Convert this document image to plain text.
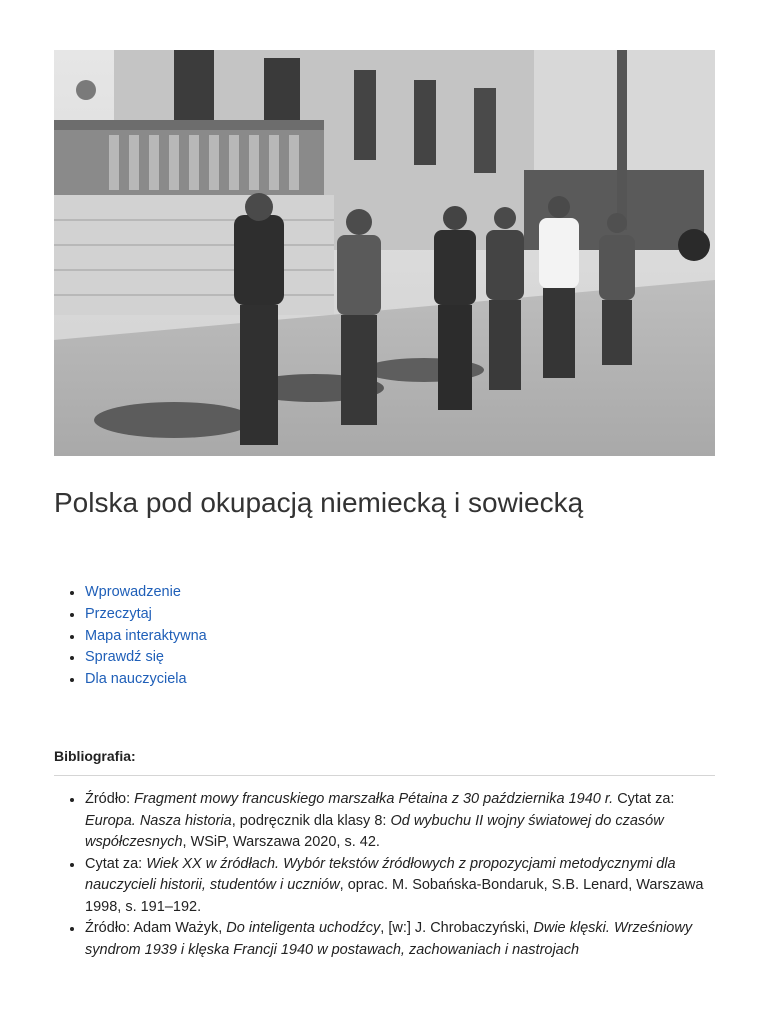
Polska pod okupacją niemiecką i sowiecką
Wprowadzenie
Przeczytaj
Mapa interaktywna
Sprawdź się
Dla nauczyciela
Bibliografia:
Źródło: Fragment mowy francuskiego marszałka Pétaina z 30 października 1940 r. Cytat za: Europa. Nasza historia, podręcznik dla klasy 8: Od wybuchu II wojny światowej do czasów współczesnych, WSiP, Warszawa 2020, s. 42.
Cytat za: Wiek XX w źródłach. Wybór tekstów źródłowych z propozycjami metodycznymi dla nauczycieli historii, studentów i uczniów, oprac. M. Sobańska-Bondaruk, S.B. Lenard, Warszawa 1998, s. 191–192.
Źródło: Adam Ważyk, Do inteligenta uchodźcy, [w:] J. Chrobaczyński, Dwie klęski. Wrześniowy syndrom 1939 i klęska Francji 1940 w postawach, zachowaniach i nastrojach
